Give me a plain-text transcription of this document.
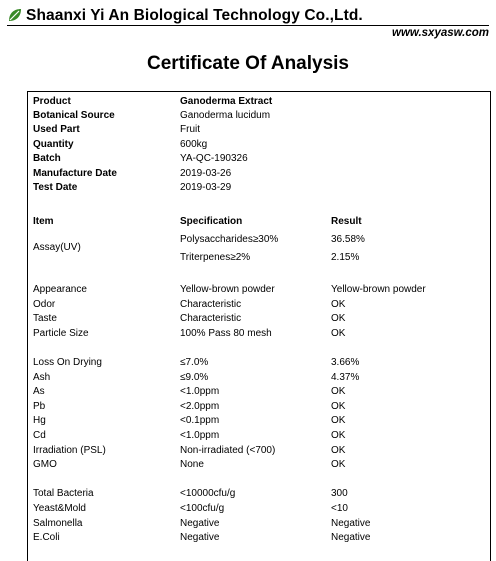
Shaanxi Yi An Biological Technology Co.,Ltd.
www.sxyasw.com
Certificate Of Analysis
Product	Ganoderma Extract
Botanical Source	Ganoderma lucidum
Used Part	Fruit
Quantity	600kg
Batch	YA-QC-190326
Manufacture Date	2019-03-26
Test Date	2019-03-29
Item	Specification	Result
Assay(UV)
Polysaccharides≥30%	36.58%
Triterpenes≥2%	2.15%
Appearance	Yellow-brown powder	Yellow-brown powder
Odor	Characteristic	OK
Taste	Characteristic	OK
Particle Size	100% Pass 80 mesh	OK
Loss On Drying	≤7.0%	3.66%
Ash	≤9.0%	4.37%
As	<1.0ppm	OK
Pb	<2.0ppm	OK
Hg	<0.1ppm	OK
Cd	<1.0ppm	OK
Irradiation (PSL)	Non-irradiated (<700)	OK
GMO	None	OK
Total Bacteria	<10000cfu/g	300
Yeast&Mold	<100cfu/g	<10
Salmonella	Negative	Negative
E.Coli	Negative	Negative
